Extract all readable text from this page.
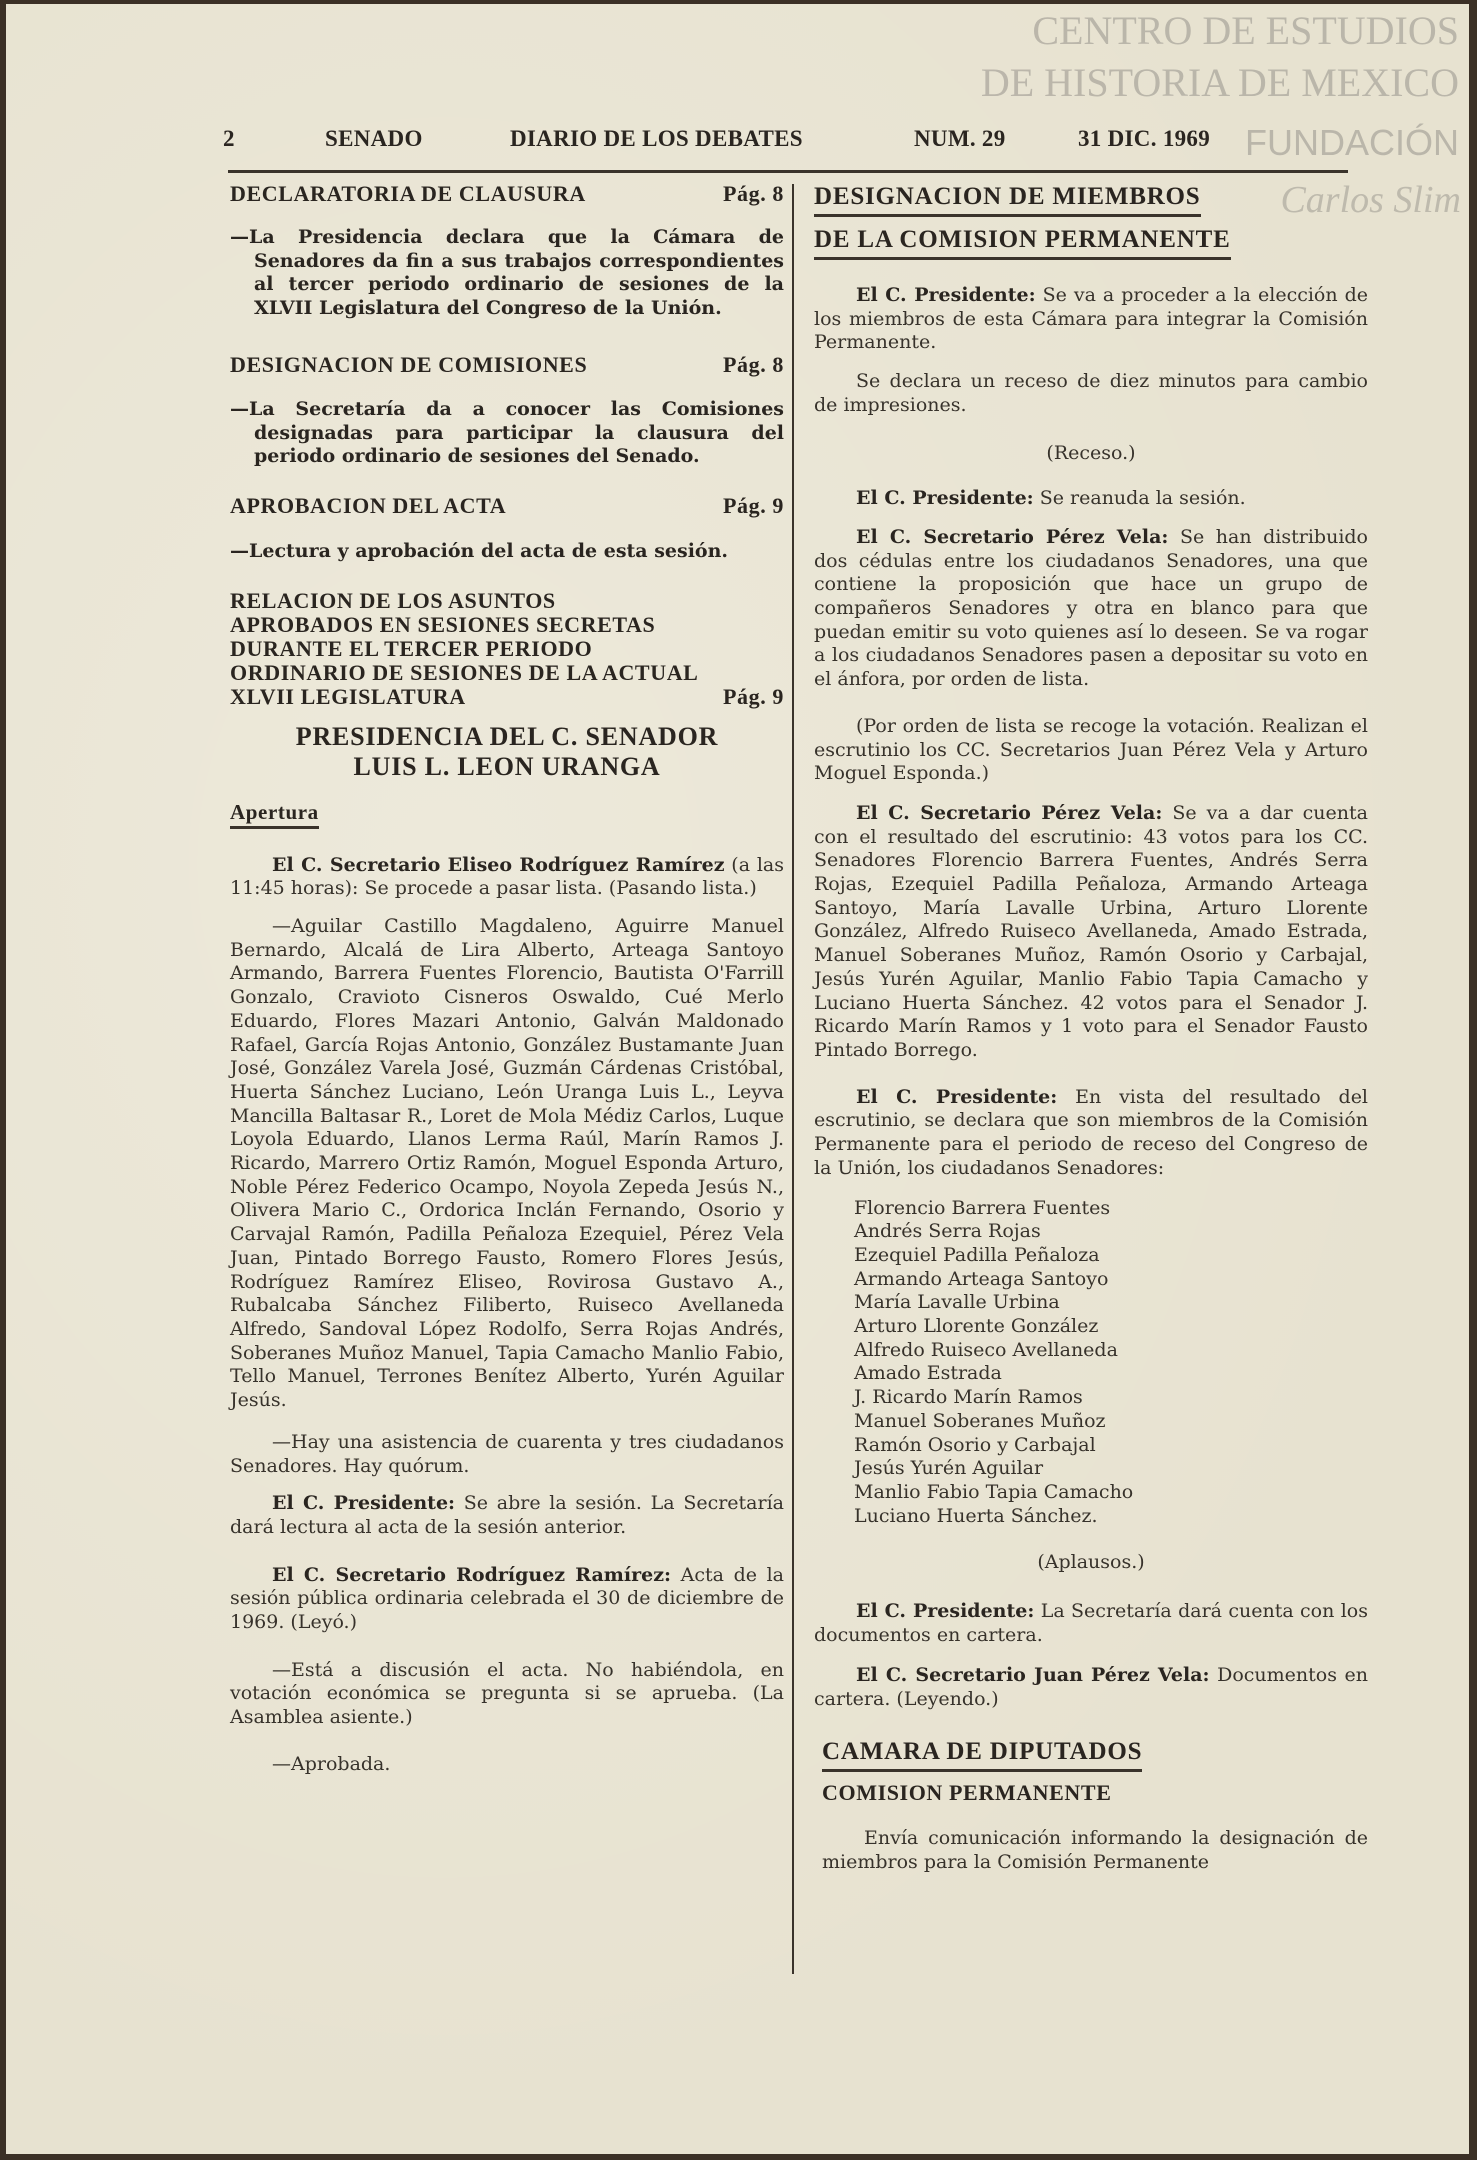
CENTRO DE ESTUDIOS
DE HISTORIA DE MEXICO
FUNDACIÓN
Carlos Slim
2	SENADO	DIARIO DE LOS DEBATES	NUM. 29	31 DIC. 1969
DECLARATORIA DE CLAUSURA	Pág. 8
—La Presidencia declara que la Cámara de Senadores da fin a sus trabajos correspondientes al tercer periodo ordinario de sesiones de la XLVII Legislatura del Congreso de la Unión.
DESIGNACION DE COMISIONES	Pág. 8
—La Secretaría da a conocer las Comisiones designadas para participar la clausura del periodo ordinario de sesiones del Senado.
APROBACION DEL ACTA	Pág. 9
—Lectura y aprobación del acta de esta sesión.
RELACION DE LOS ASUNTOS APROBADOS EN SESIONES SECRETAS DURANTE EL TERCER PERIODO ORDINARIO DE SESIONES DE LA ACTUAL XLVII LEGISLATURA	Pág. 9
PRESIDENCIA DEL C. SENADOR
LUIS L. LEON URANGA
Apertura
El C. Secretario Eliseo Rodríguez Ramírez (a las 11:45 horas): Se procede a pasar lista. (Pasando lista.)
—Aguilar Castillo Magdaleno, Aguirre Manuel Bernardo, Alcalá de Lira Alberto, Arteaga Santoyo Armando, Barrera Fuentes Florencio, Bautista O'Farrill Gonzalo, Cravioto Cisneros Oswaldo, Cué Merlo Eduardo, Flores Mazari Antonio, Galván Maldonado Rafael, García Rojas Antonio, González Bustamante Juan José, González Varela José, Guzmán Cárdenas Cristóbal, Huerta Sánchez Luciano, León Uranga Luis L., Leyva Mancilla Baltasar R., Loret de Mola Médiz Carlos, Luque Loyola Eduardo, Llanos Lerma Raúl, Marín Ramos J. Ricardo, Marrero Ortiz Ramón, Moguel Esponda Arturo, Noble Pérez Federico Ocampo, Noyola Zepeda Jesús N., Olivera Mario C., Ordorica Inclán Fernando, Osorio y Carvajal Ramón, Padilla Peñaloza Ezequiel, Pérez Vela Juan, Pintado Borrego Fausto, Romero Flores Jesús, Rodríguez Ramírez Eliseo, Rovirosa Gustavo A., Rubalcaba Sánchez Filiberto, Ruiseco Avellaneda Alfredo, Sandoval López Rodolfo, Serra Rojas Andrés, Soberanes Muñoz Manuel, Tapia Camacho Manlio Fabio, Tello Manuel, Terrones Benítez Alberto, Yurén Aguilar Jesús.
—Hay una asistencia de cuarenta y tres ciudadanos Senadores. Hay quórum.
El C. Presidente: Se abre la sesión. La Secretaría dará lectura al acta de la sesión anterior.
El C. Secretario Rodríguez Ramírez: Acta de la sesión pública ordinaria celebrada el 30 de diciembre de 1969. (Leyó.)
—Está a discusión el acta. No habiéndola, en votación económica se pregunta si se aprueba. (La Asamblea asiente.)
—Aprobada.
DESIGNACION DE MIEMBROS
DE LA COMISION PERMANENTE
El C. Presidente: Se va a proceder a la elección de los miembros de esta Cámara para integrar la Comisión Permanente.
Se declara un receso de diez minutos para cambio de impresiones.
(Receso.)
El C. Presidente: Se reanuda la sesión.
El C. Secretario Pérez Vela: Se han distribuido dos cédulas entre los ciudadanos Senadores, una que contiene la proposición que hace un grupo de compañeros Senadores y otra en blanco para que puedan emitir su voto quienes así lo deseen. Se va rogar a los ciudadanos Senadores pasen a depositar su voto en el ánfora, por orden de lista.
(Por orden de lista se recoge la votación. Realizan el escrutinio los CC. Secretarios Juan Pérez Vela y Arturo Moguel Esponda.)
El C. Secretario Pérez Vela: Se va a dar cuenta con el resultado del escrutinio: 43 votos para los CC. Senadores Florencio Barrera Fuentes, Andrés Serra Rojas, Ezequiel Padilla Peñaloza, Armando Arteaga Santoyo, María Lavalle Urbina, Arturo Llorente González, Alfredo Ruiseco Avellaneda, Amado Estrada, Manuel Soberanes Muñoz, Ramón Osorio y Carbajal, Jesús Yurén Aguilar, Manlio Fabio Tapia Camacho y Luciano Huerta Sánchez. 42 votos para el Senador J. Ricardo Marín Ramos y 1 voto para el Senador Fausto Pintado Borrego.
El C. Presidente: En vista del resultado del escrutinio, se declara que son miembros de la Comisión Permanente para el periodo de receso del Congreso de la Unión, los ciudadanos Senadores:
Florencio Barrera Fuentes
Andrés Serra Rojas
Ezequiel Padilla Peñaloza
Armando Arteaga Santoyo
María Lavalle Urbina
Arturo Llorente González
Alfredo Ruiseco Avellaneda
Amado Estrada
J. Ricardo Marín Ramos
Manuel Soberanes Muñoz
Ramón Osorio y Carbajal
Jesús Yurén Aguilar
Manlio Fabio Tapia Camacho
Luciano Huerta Sánchez.
(Aplausos.)
El C. Presidente: La Secretaría dará cuenta con los documentos en cartera.
El C. Secretario Juan Pérez Vela: Documentos en cartera. (Leyendo.)
CAMARA DE DIPUTADOS
COMISION PERMANENTE
Envía comunicación informando la designación de miembros para la Comisión Permanente
